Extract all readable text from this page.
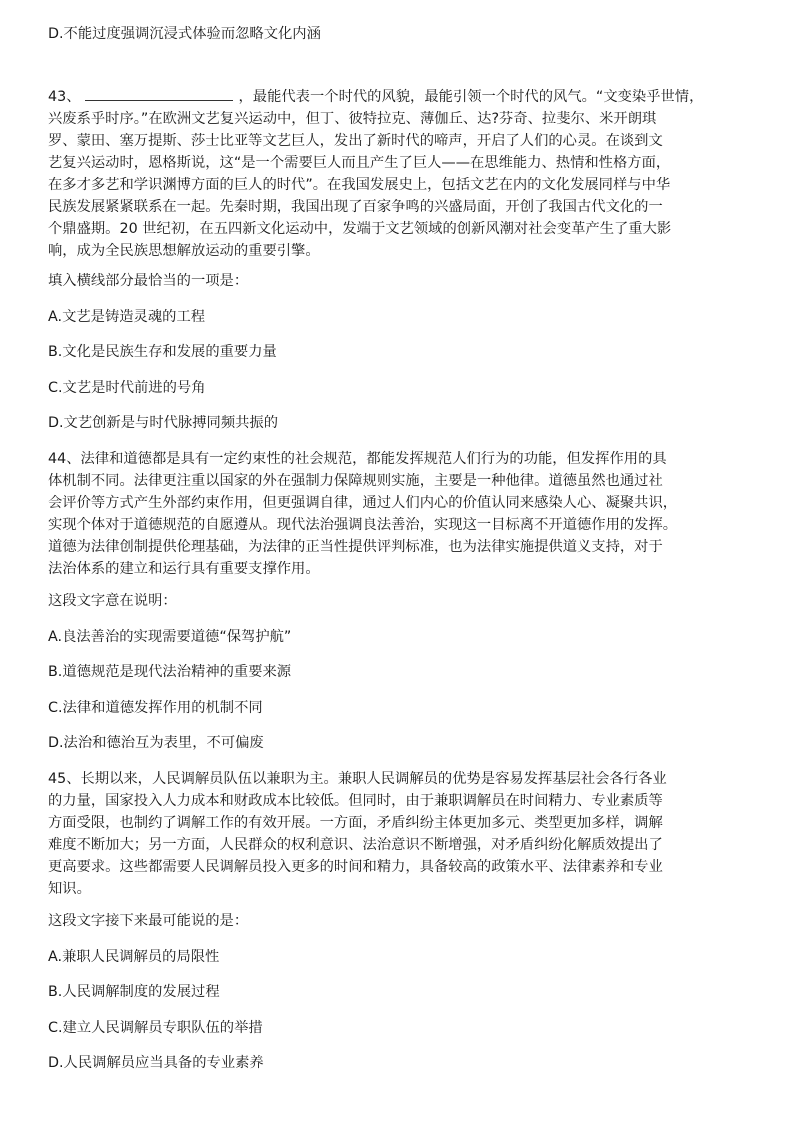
D.不能过度强调沉浸式体验而忽略文化内涵

43、	，最能代表一个时代的风貌，最能引领一个时代的风气。“文变染乎世情，

兴废系乎时序。”在欧洲文艺复兴运动中，但丁、彼特拉克、薄伽丘、达?芬奇、拉斐尔、米开朗琪

罗、蒙田、塞万提斯、莎士比亚等文艺巨人，发出了新时代的啼声，开启了人们的心灵。在谈到文

艺复兴运动时，恩格斯说，这“是一个需要巨人而且产生了巨人——在思维能力、热情和性格方面，

在多才多艺和学识渊博方面的巨人的时代”。在我国发展史上，包括文艺在内的文化发展同样与中华

民族发展紧紧联系在一起。先秦时期，我国出现了百家争鸣的兴盛局面，开创了我国古代文化的一

个鼎盛期。20 世纪初，在五四新文化运动中，发端于文艺领域的创新风潮对社会变革产生了重大影

响，成为全民族思想解放运动的重要引擎。

填入横线部分最恰当的一项是：

A.文艺是铸造灵魂的工程

B.文化是民族生存和发展的重要力量

C.文艺是时代前进的号角

D.文艺创新是与时代脉搏同频共振的

44、法律和道德都是具有一定约束性的社会规范，都能发挥规范人们行为的功能，但发挥作用的具

体机制不同。法律更注重以国家的外在强制力保障规则实施，主要是一种他律。道德虽然也通过社

会评价等方式产生外部约束作用，但更强调自律，通过人们内心的价值认同来感染人心、凝聚共识，

实现个体对于道德规范的自愿遵从。现代法治强调良法善治，实现这一目标离不开道德作用的发挥。

道德为法律创制提供伦理基础，为法律的正当性提供评判标准，也为法律实施提供道义支持，对于

法治体系的建立和运行具有重要支撑作用。

这段文字意在说明：

A.良法善治的实现需要道德“保驾护航”

B.道德规范是现代法治精神的重要来源

C.法律和道德发挥作用的机制不同

D.法治和德治互为表里，不可偏废

45、长期以来，人民调解员队伍以兼职为主。兼职人民调解员的优势是容易发挥基层社会各行各业

的力量，国家投入人力成本和财政成本比较低。但同时，由于兼职调解员在时间精力、专业素质等

方面受限，也制约了调解工作的有效开展。一方面，矛盾纠纷主体更加多元、类型更加多样，调解

难度不断加大；另一方面，人民群众的权利意识、法治意识不断增强，对矛盾纠纷化解质效提出了

更高要求。这些都需要人民调解员投入更多的时间和精力，具备较高的政策水平、法律素养和专业

知识。

这段文字接下来最可能说的是：

A.兼职人民调解员的局限性

B.人民调解制度的发展过程

C.建立人民调解员专职队伍的举措

D.人民调解员应当具备的专业素养
